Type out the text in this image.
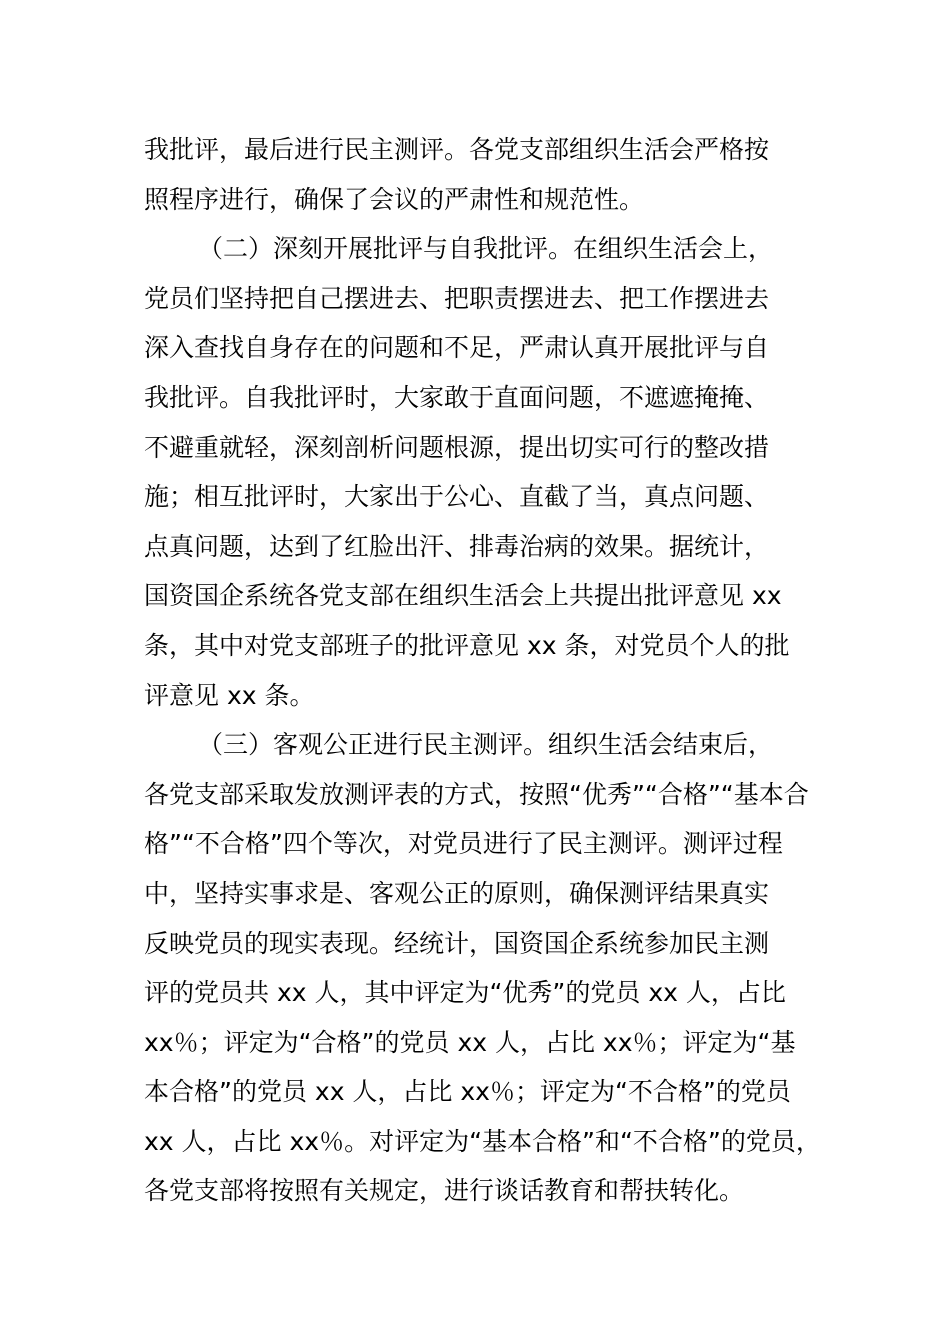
我批评，最后进行民主测评。各党支部组织生活会严格按
照程序进行，确保了会议的严肃性和规范性。
（二）深刻开展批评与自我批评。在组织生活会上，
党员们坚持把自己摆进去、把职责摆进去、把工作摆进去
深入查找自身存在的问题和不足，严肃认真开展批评与自
我批评。自我批评时，大家敢于直面问题，不遮遮掩掩、
不避重就轻，深刻剖析问题根源，提出切实可行的整改措
施；相互批评时，大家出于公心、直截了当，真点问题、
点真问题，达到了红脸出汗、排毒治病的效果。据统计，
国资国企系统各党支部在组织生活会上共提出批评意见 xx
条，其中对党支部班子的批评意见 xx 条，对党员个人的批
评意见 xx 条。
（三）客观公正进行民主测评。组织生活会结束后，
各党支部采取发放测评表的方式，按照“优秀”“合格”“基本合
格”“不合格”四个等次，对党员进行了民主测评。测评过程
中，坚持实事求是、客观公正的原则，确保测评结果真实
反映党员的现实表现。经统计，国资国企系统参加民主测
评的党员共 xx 人，其中评定为“优秀”的党员 xx 人，占比
xx％；评定为“合格”的党员 xx 人，占比 xx％；评定为“基
本合格”的党员 xx 人，占比 xx％；评定为“不合格”的党员
xx 人，占比 xx％。对评定为“基本合格”和“不合格”的党员，
各党支部将按照有关规定，进行谈话教育和帮扶转化。
